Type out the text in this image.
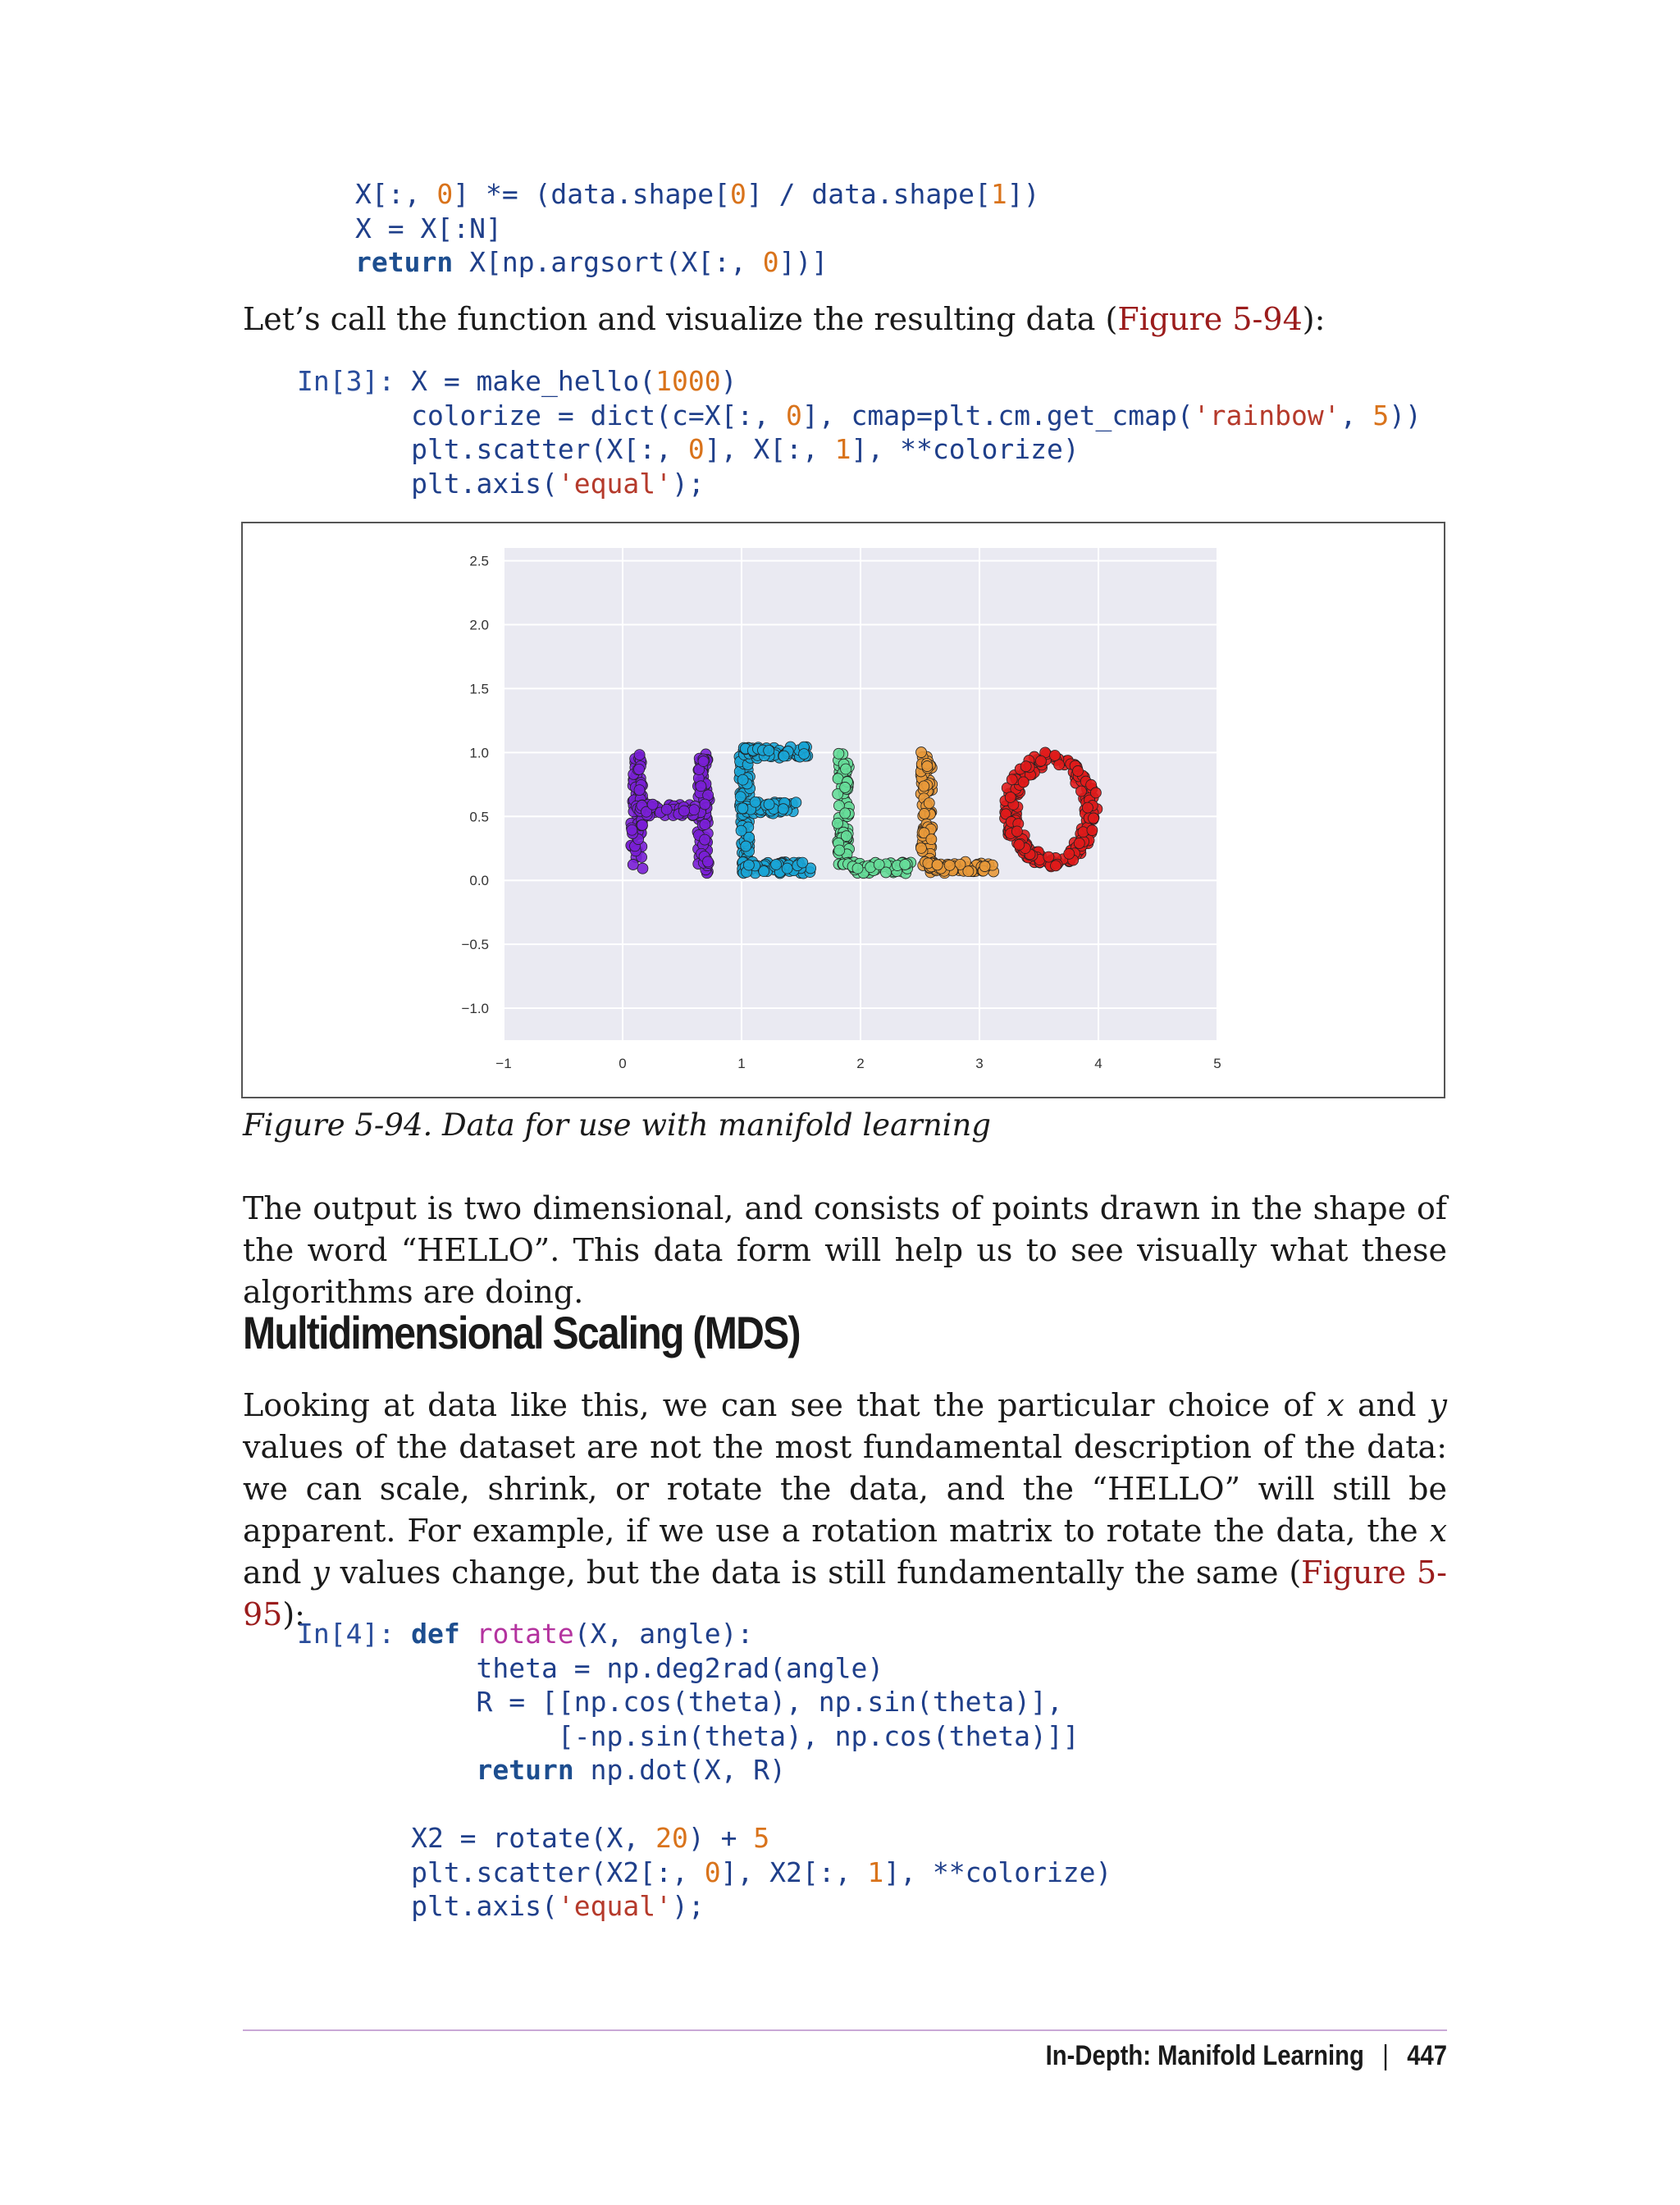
X[:, 0] *= (data.shape[0] / data.shape[1])
X = X[:N]
return X[np.argsort(X[:, 0])]

Let’s call the function and visualize the resulting data (Figure 5-94):

In[3]: X = make_hello(1000)
colorize = dict(c=X[:, 0], cmap=plt.cm.get_cmap('rainbow', 5))
plt.scatter(X[:, 0], X[:, 1], **colorize)
plt.axis('equal');
2.5
2.0
1.5
1.0
0.5
0.0
−0.5
−1.0
−1	0	1	2	3	4	5

Figure 5-94. Data for use with manifold learning

The output is two dimensional, and consists of points drawn in the shape of the word “HELLO”. This data form will help us to see visually what these algorithms are doing.

Multidimensional Scaling (MDS)

Looking at data like this, we can see that the particular choice of x and y values of the dataset are not the most fundamental description of the data: we can scale, shrink, or rotate the data, and the “HELLO” will still be apparent. For example, if we use a rotation matrix to rotate the data, the x and y values change, but the data is still fundamentally the same (Figure 5-95):

In[4]: def rotate(X, angle):
theta = np.deg2rad(angle)
R = [[np.cos(theta), np.sin(theta)],
[-np.sin(theta), np.cos(theta)]]
return np.dot(X, R)

X2 = rotate(X, 20) + 5
plt.scatter(X2[:, 0], X2[:, 1], **colorize)
plt.axis('equal');

In-Depth: Manifold Learning | 447
